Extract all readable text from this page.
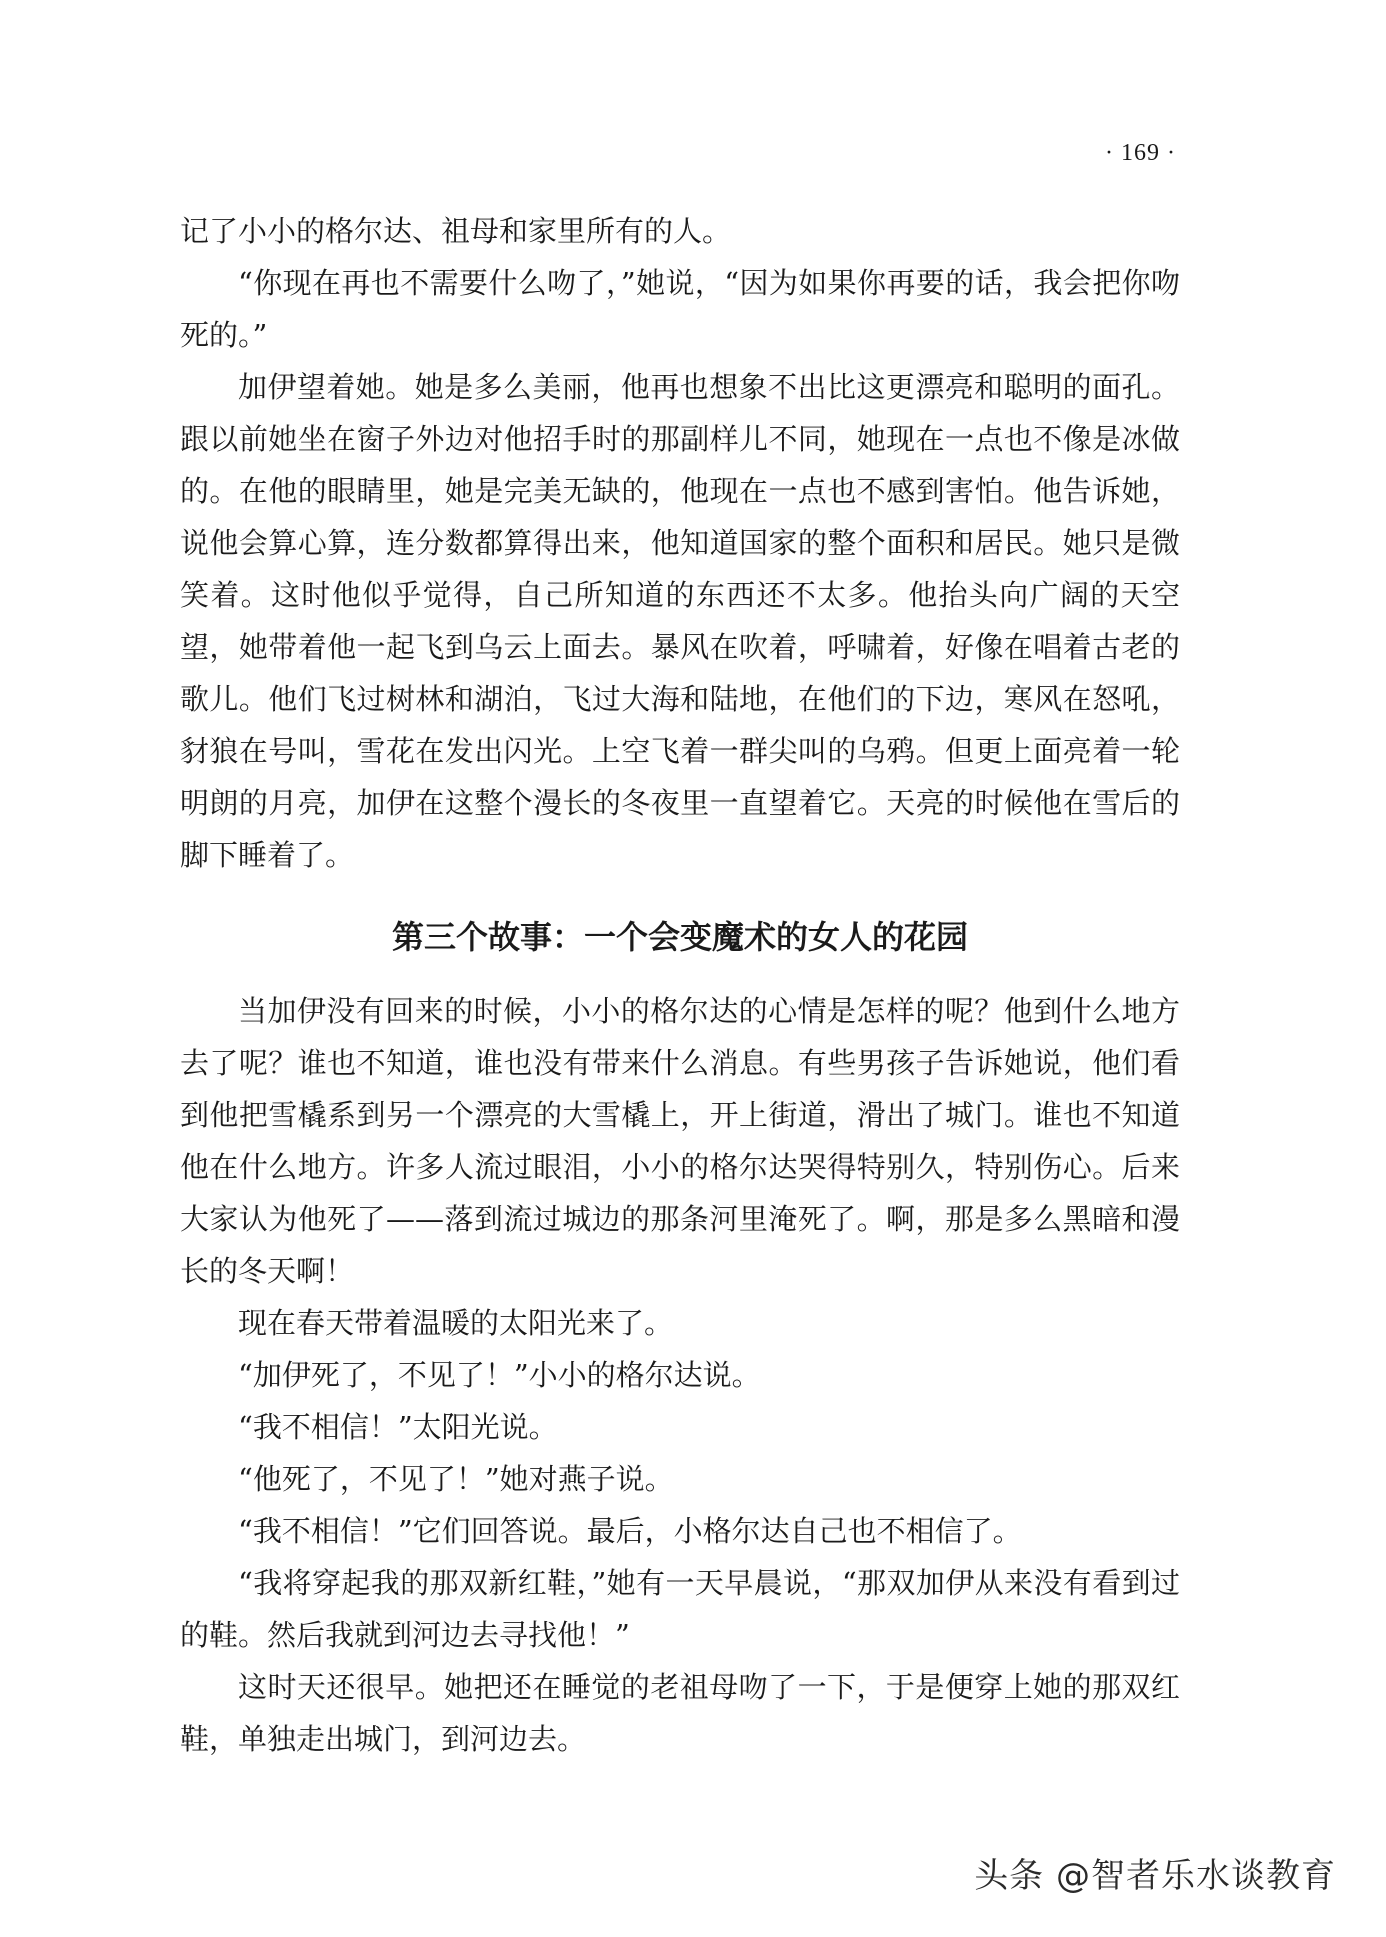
· 169 ·

记了小小的格尔达、祖母和家里所有的人。

“你现在再也不需要什么吻了，”她说，“因为如果你再要的话，我会把你吻死的。”

加伊望着她。她是多么美丽，他再也想象不出比这更漂亮和聪明的面孔。跟以前她坐在窗子外边对他招手时的那副样儿不同，她现在一点也不像是冰做的。在他的眼睛里，她是完美无缺的，他现在一点也不感到害怕。他告诉她，说他会算心算，连分数都算得出来，他知道国家的整个面积和居民。她只是微笑着。这时他似乎觉得，自己所知道的东西还不太多。他抬头向广阔的天空望，她带着他一起飞到乌云上面去。暴风在吹着，呼啸着，好像在唱着古老的歌儿。他们飞过树林和湖泊，飞过大海和陆地，在他们的下边，寒风在怒吼，豺狼在号叫，雪花在发出闪光。上空飞着一群尖叫的乌鸦。但更上面亮着一轮明朗的月亮，加伊在这整个漫长的冬夜里一直望着它。天亮的时候他在雪后的脚下睡着了。

第三个故事：一个会变魔术的女人的花园

当加伊没有回来的时候，小小的格尔达的心情是怎样的呢？他到什么地方去了呢？谁也不知道，谁也没有带来什么消息。有些男孩子告诉她说，他们看到他把雪橇系到另一个漂亮的大雪橇上，开上街道，滑出了城门。谁也不知道他在什么地方。许多人流过眼泪，小小的格尔达哭得特别久，特别伤心。后来大家认为他死了——落到流过城边的那条河里淹死了。啊，那是多么黑暗和漫长的冬天啊！

现在春天带着温暖的太阳光来了。

“加伊死了，不见了！”小小的格尔达说。

“我不相信！”太阳光说。

“他死了，不见了！”她对燕子说。

“我不相信！”它们回答说。最后，小格尔达自己也不相信了。

“我将穿起我的那双新红鞋，”她有一天早晨说，“那双加伊从来没有看到过的鞋。然后我就到河边去寻找他！”

这时天还很早。她把还在睡觉的老祖母吻了一下，于是便穿上她的那双红鞋，单独走出城门，到河边去。

头条 @智者乐水谈教育
